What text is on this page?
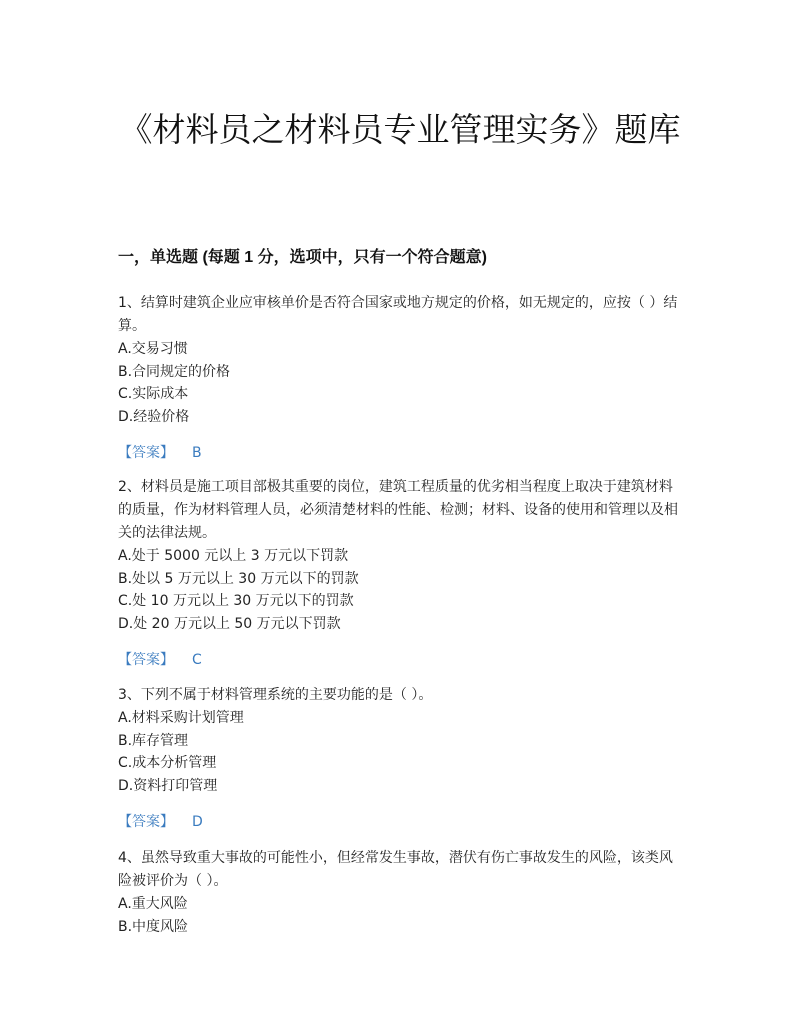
《材料员之材料员专业管理实务》题库
一，单选题 (每题 1 分，选项中，只有一个符合题意)

1、结算时建筑企业应审核单价是否符合国家或地方规定的价格，如无规定的，应按（ ）结算。

A.交易习惯

B.合同规定的价格

C.实际成本

D.经验价格

【答案】 B

2、材料员是施工项目部极其重要的岗位，建筑工程质量的优劣相当程度上取决于建筑材料的质量，作为材料管理人员，必须清楚材料的性能、检测；材料、设备的使用和管理以及相关的法律法规。

A.处于 5000 元以上 3 万元以下罚款

B.处以 5 万元以上 30 万元以下的罚款

C.处 10 万元以上 30 万元以下的罚款

D.处 20 万元以上 50 万元以下罚款

【答案】 C

3、下列不属于材料管理系统的主要功能的是（ ）。

A.材料采购计划管理

B.库存管理

C.成本分析管理

D.资料打印管理

【答案】 D

4、虽然导致重大事故的可能性小，但经常发生事故，潜伏有伤亡事故发生的风险，该类风险被评价为（ ）。

A.重大风险

B.中度风险
